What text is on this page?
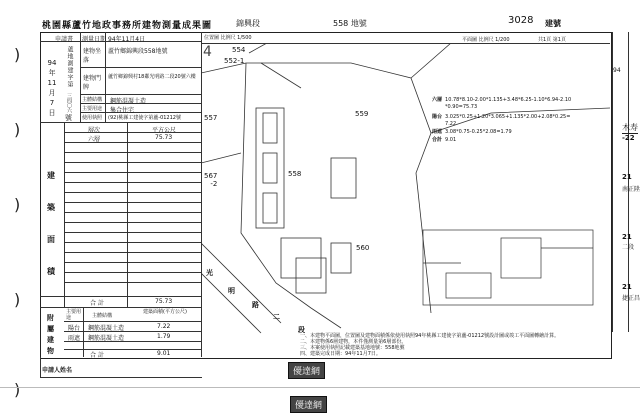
)
)
)
)
)
桃園縣蘆竹地政事務所建物測量成果圖	錦興段	558 地號	3028 建號
申請書 測量日期 94年11月4日
94
年
11
月
7
日
蘆地測建字第
三四〇六
號
建物坐落
蘆竹鄉錦興段558地號
建物門牌
蘆竹鄉錦興村18鄰光明路二段20號六樓
主體結構 鋼筋混凝土造
主要用途 集合住宅
使用執照 (92)桃縣工建使字第蘆-01212號
層次	平方公尺
六層	75.73
合 計	75.73
建
築
面
積
主要用途	主體結構
建築面積(平方公尺)
陽台 鋼筋混凝土造	7.22
雨遮 鋼筋混凝土造	1.79
合 計	9.01
附
屬
建
物
申請人姓名
位置圖 比例尺 1/500
4
平面圖 比例尺 1/200	共1頁 第1頁
552-1
554
557	559
567
-2
558
560
光
明
路
二
段
六層 10.78*8.10-2.00*1.135+3.48*6.25-1.10*6.94-2.10*0.90=75.73
陽台 3.025*0.25+1.20*3.065+1.135*2.00+2.08*0.25=7.22
雨遮 3.08*0.75-0.25*2.08=1.79
合計 9.01
一、本建物平面圖，位置圖及建物面積係依使用執照94年桃縣工建使字第蘆-01212號設計圖或竣工平面圖轉繪計算。
二、本建物係6層建物，本件僅測量第6層部份。
三、本案使用執照記載建築基地地號：558地號
四、建築完成日期：94年11月7日。
優達網
優達網
94
木寿
-22
21
南正陞
21
二段
21
捷正昌
